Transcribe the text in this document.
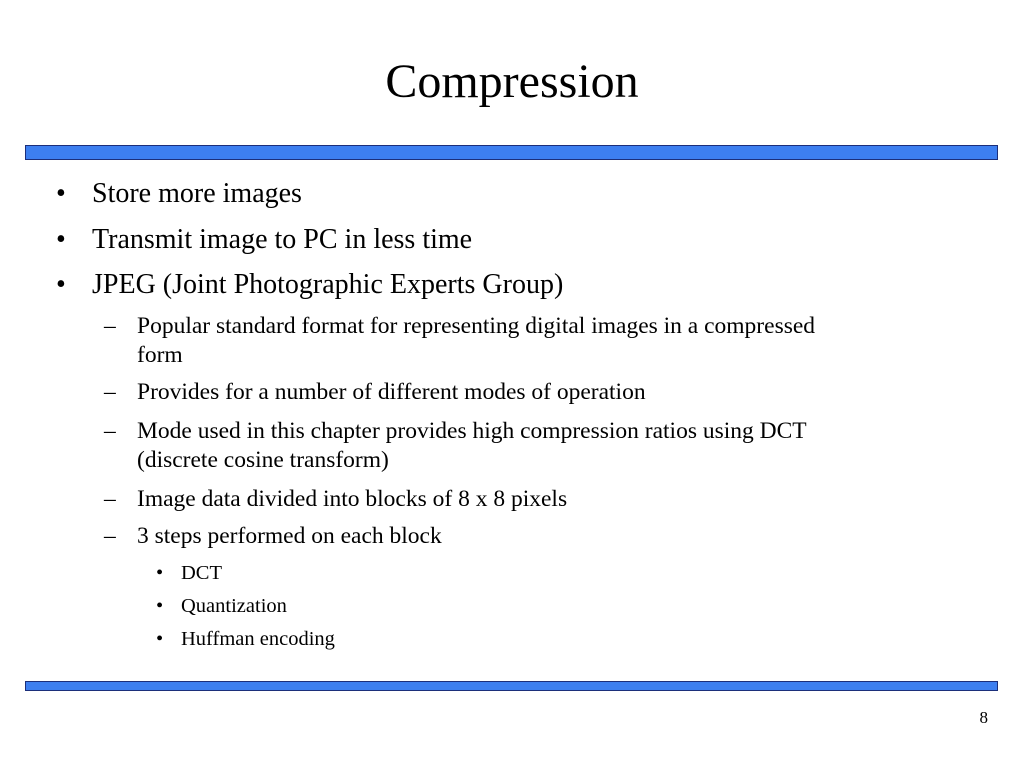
Compression
• Store more images
• Transmit image to PC in less time
• JPEG (Joint Photographic Experts Group)
– Popular standard format for representing digital images in a compressed
form
– Provides for a number of different modes of operation
– Mode used in this chapter provides high compression ratios using DCT
(discrete cosine transform)
– Image data divided into blocks of 8 x 8 pixels
– 3 steps performed on each block
• DCT
• Quantization
• Huffman encoding
8
